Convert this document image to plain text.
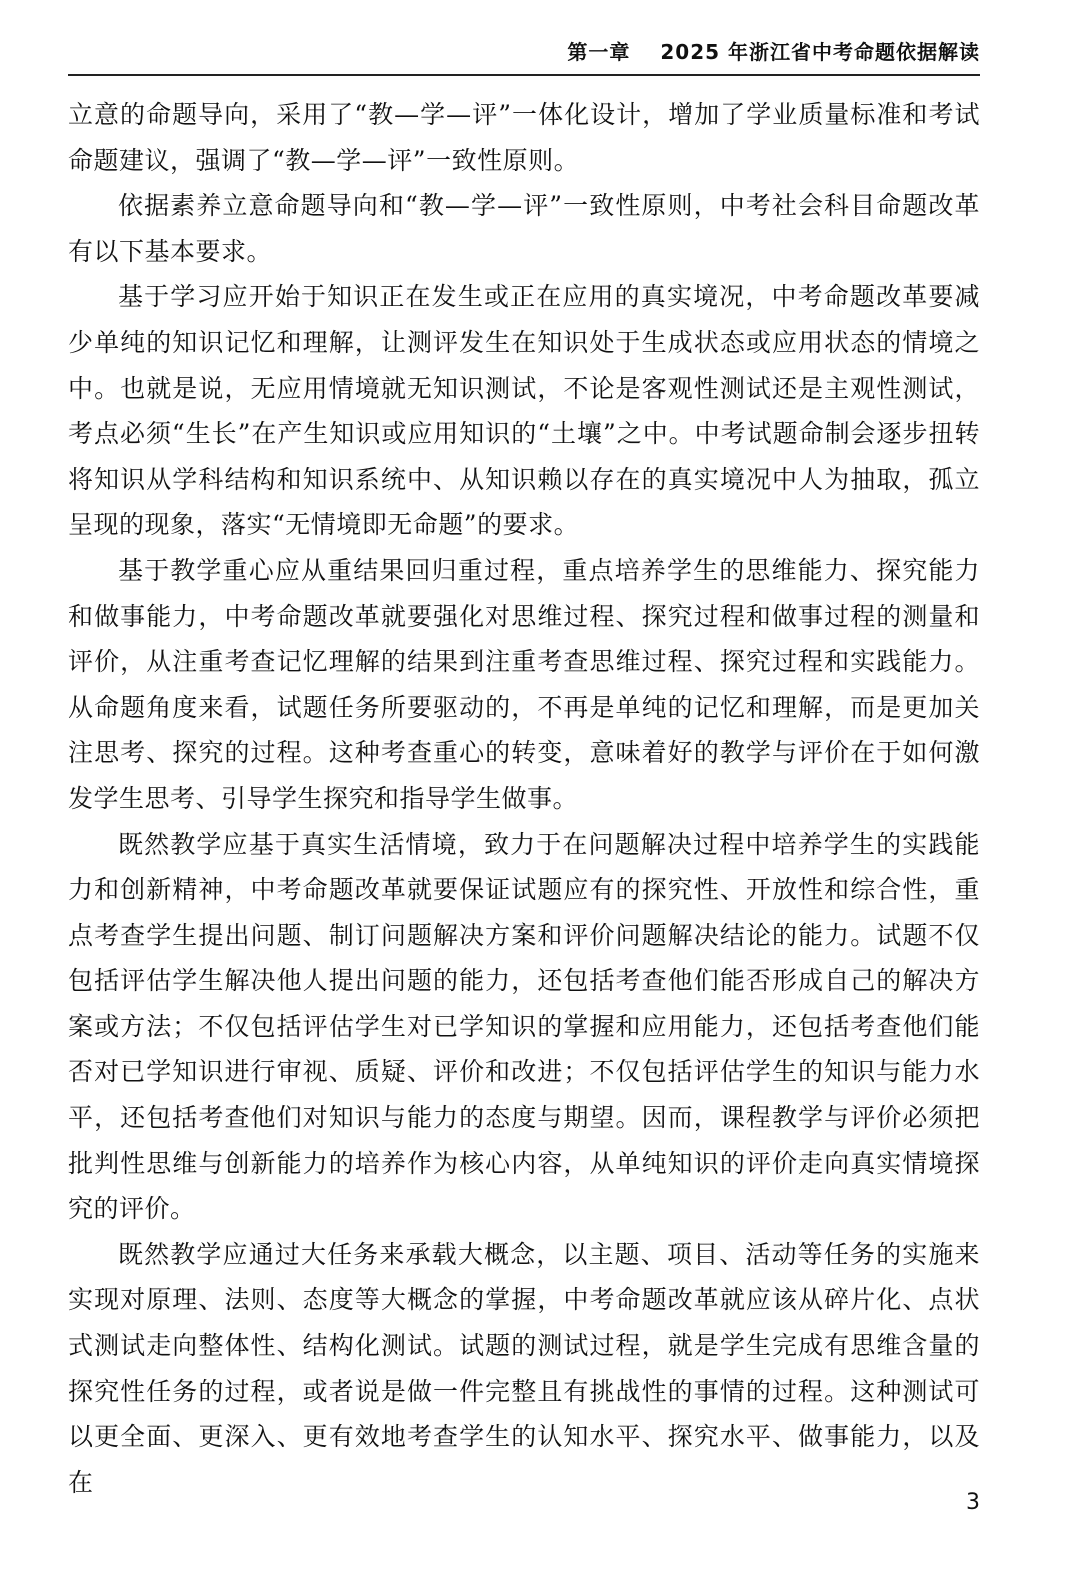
第一章 2025 年浙江省中考命题依据解读

立意的命题导向，采用了“教—学—评”一体化设计，增加了学业质量标准和考试命题建议，强调了“教—学—评”一致性原则。

依据素养立意命题导向和“教—学—评”一致性原则，中考社会科目命题改革有以下基本要求。

基于学习应开始于知识正在发生或正在应用的真实境况，中考命题改革要减少单纯的知识记忆和理解，让测评发生在知识处于生成状态或应用状态的情境之中。也就是说，无应用情境就无知识测试，不论是客观性测试还是主观性测试，考点必须“生长”在产生知识或应用知识的“土壤”之中。中考试题命制会逐步扭转将知识从学科结构和知识系统中、从知识赖以存在的真实境况中人为抽取，孤立呈现的现象，落实“无情境即无命题”的要求。

基于教学重心应从重结果回归重过程，重点培养学生的思维能力、探究能力和做事能力，中考命题改革就要强化对思维过程、探究过程和做事过程的测量和评价，从注重考查记忆理解的结果到注重考查思维过程、探究过程和实践能力。从命题角度来看，试题任务所要驱动的，不再是单纯的记忆和理解，而是更加关注思考、探究的过程。这种考查重心的转变，意味着好的教学与评价在于如何激发学生思考、引导学生探究和指导学生做事。

既然教学应基于真实生活情境，致力于在问题解决过程中培养学生的实践能力和创新精神，中考命题改革就要保证试题应有的探究性、开放性和综合性，重点考查学生提出问题、制订问题解决方案和评价问题解决结论的能力。试题不仅包括评估学生解决他人提出问题的能力，还包括考查他们能否形成自己的解决方案或方法；不仅包括评估学生对已学知识的掌握和应用能力，还包括考查他们能否对已学知识进行审视、质疑、评价和改进；不仅包括评估学生的知识与能力水平，还包括考查他们对知识与能力的态度与期望。因而，课程教学与评价必须把批判性思维与创新能力的培养作为核心内容，从单纯知识的评价走向真实情境探究的评价。

既然教学应通过大任务来承载大概念，以主题、项目、活动等任务的实施来实现对原理、法则、态度等大概念的掌握，中考命题改革就应该从碎片化、点状式测试走向整体性、结构化测试。试题的测试过程，就是学生完成有思维含量的探究性任务的过程，或者说是做一件完整且有挑战性的事情的过程。这种测试可以更全面、更深入、更有效地考查学生的认知水平、探究水平、做事能力，以及在

3
